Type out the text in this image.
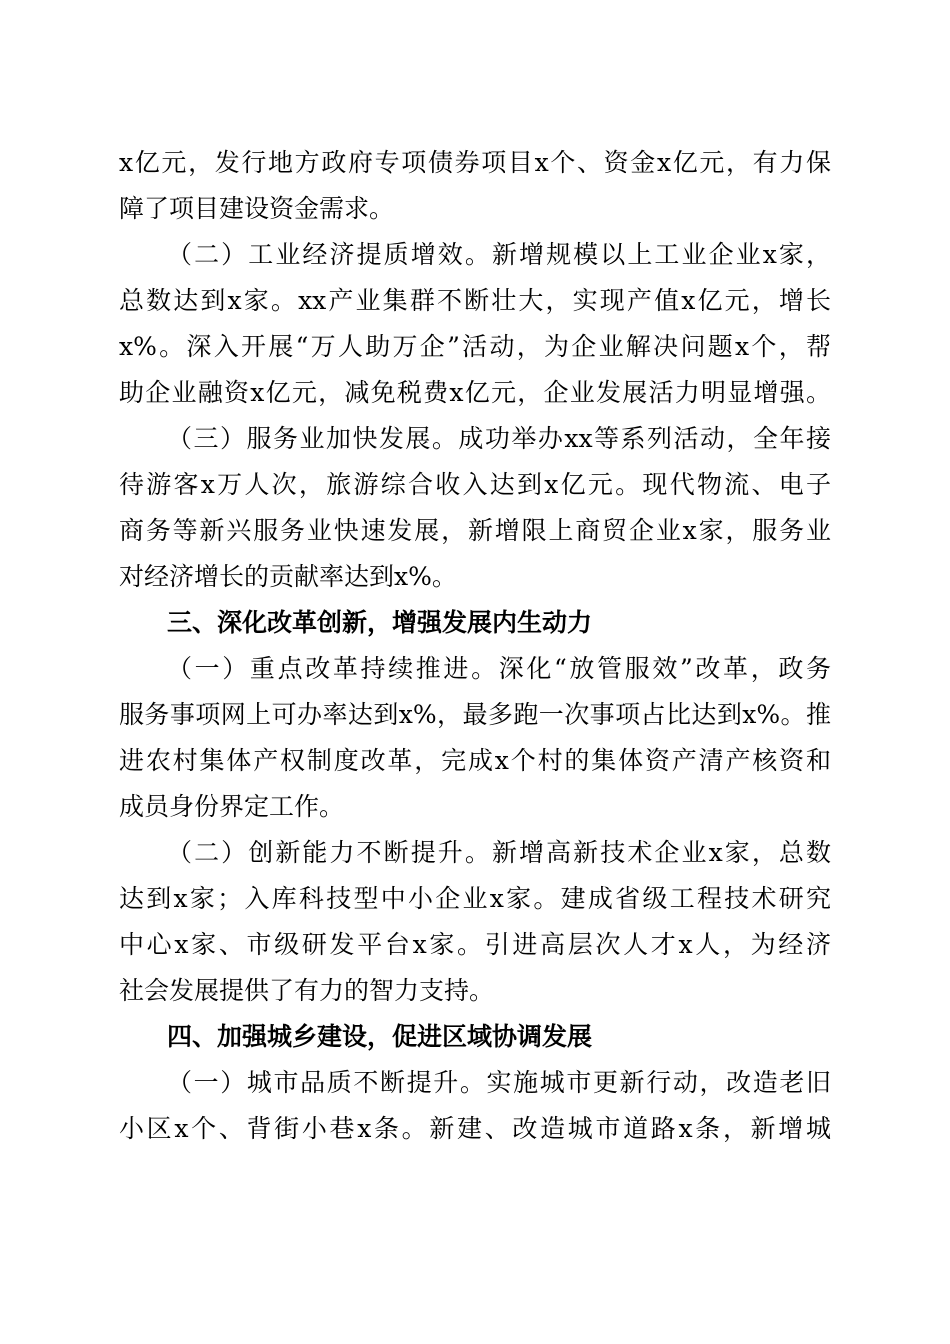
x亿元，发行地方政府专项债券项目x个、资金x亿元，有力保
障了项目建设资金需求。
（二）工业经济提质增效。新增规模以上工业企业x家，
总数达到x家。xx产业集群不断壮大，实现产值x亿元，增长
x%。深入开展“万人助万企”活动，为企业解决问题x个，帮
助企业融资x亿元，减免税费x亿元，企业发展活力明显增强。
（三）服务业加快发展。成功举办xx等系列活动，全年接
待游客x万人次，旅游综合收入达到x亿元。现代物流、电子
商务等新兴服务业快速发展，新增限上商贸企业x家，服务业
对经济增长的贡献率达到x%。
三、深化改革创新，增强发展内生动力
（一）重点改革持续推进。深化“放管服效”改革，政务
服务事项网上可办率达到x%，最多跑一次事项占比达到x%。推
进农村集体产权制度改革，完成x个村的集体资产清产核资和
成员身份界定工作。
（二）创新能力不断提升。新增高新技术企业x家，总数
达到x家；入库科技型中小企业x家。建成省级工程技术研究
中心x家、市级研发平台x家。引进高层次人才x人，为经济
社会发展提供了有力的智力支持。
四、加强城乡建设，促进区域协调发展
（一）城市品质不断提升。实施城市更新行动，改造老旧
小区x个、背街小巷x条。新建、改造城市道路x条，新增城
